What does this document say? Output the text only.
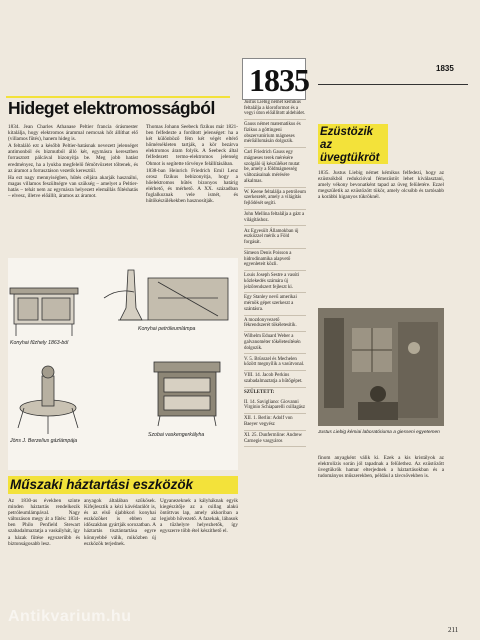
Hideget elektromosságból

1834. Jean Charles Athanase Peltier francia órásmester kitalálja, hogy elektromos árammal nemcsak hőt állíthat elő (villamos fűtés), hanem hideg is.

A feltaláló ezt a később Peltier-hatásnak nevezett jelenséget antimonból és bizmutból álló két, egymásra keresztben forrasztott pálcával bizonyítja be. Meg jobb hatást eredményez, ha a lyukba megfelelő fémötvözetet töltenek, és az áramot a forrasztáson vezetik keresztül.

Ha ezt nagy mennyiségben, hűtés céljára akarják használni, magas villamos feszültségre van szükség – amelyet a Peltier-hatás – tehát nem az egymásra helyezett elemállás fűtéshatás – elvesz, illetve előállít, áramos az áramot.

Thomas Johann Seebeck fizikus már 1821-ben felfedezte a fordított jelenséget: ha a két különböző fém két végét eltérő hőmérsékleten tartják, a kör bezárva elektromos áram folyik. A Seebeck által felfedezett termo-elektromos jelenség Ohmot is segítette törvénye felállításában.

1838-ban Heinrich Friedrich Emil Lenz orosz fizikus bebizonyítja, hogy a hőelektromos hűtés bizonyos határig elérhető, és mérhető. A XX. században foglalkoznak vele ismét, és hűtőkészülékekben hasznosítják.

Konyhai petróleumlámpa
Konyhai fűzhely 1863-ból
Szobai vaskengerkályha
Jöns J. Berzelius gázlámpája
Műszaki háztartási eszközök

Az 1830-as években szinte minden háztartás rendelkezik petróleumlámpával. Nagy változáson megy át a fűtés: 1834-ben Philo Penfield Stewart szabadalmaztatja a vaskályhát, így a házak fűtése egyszerűbb és biztonságosabb lesz.

anyagok általában szűkösek. Kifejlesztik a kézi kávédarálót is, és az első újabbkori konyhai eszközöket is ebben az időszakban gyártják sorozatban. A háztartás tisztántartása egyre könnyebbé válik, miközben új eszközök terjednek.

Ugyanezeknek a kályháknak egyik kiegészítője az a csillag alakú öntöttvas lap, amely akkoriban a legjobb hővezető. A fazekak, lábasok a tűzhelyre helyezhetők, így egyszerre több étel készíthető el.

1835

Justus Liebig német kémikus feltalálja a kloroformot és a vegyi úton előállított aldehidet.

Gauss német matematikus és fizikus a göttingeni obszervatórium mágneses mérőállomásán dolgozik.

Carl Friedrich Gauss egy mágneses terek mérésére szolgáló új készüléket mutat be, amely a földmágnesség változásainak mérésére alkalmas.

W. Keene feltalálja a petróleum szerkezetét, amely a világítás fejlődését segíti.

John Mellina feltalálja a gázt a világításhoz.

Az Egyesült Államokban új eszközzel mérik a Föld forgását.

Simeon Denis Poisson a hidrodinamika alapvető egyenleteit közli.

Louis Joseph Sestre a vasúti közlekedés számára új jelzőrendszert fejleszt ki.

Egy Stanley nevű amerikai mérnök gépet szerkeszt a szántásra.

A mozdonyvezető fékrendszerét tökéletesítik.

Wilhelm Eduard Weber a galvanométer tökéletesítésén dolgozik.

V. 5. Brüsszel és Mechelen között megnyílik a vasútvonal.

VIII. 14. Jacob Perkins szabadalmaztatja a hűtőgépet.

SZÜLETETT:

II. 14. Savigliano: Giovanni Virginio Schiaparelli csillagász

XII. 1. Berlin: Adolf von Baeyer vegyész

XI. 25. Dunfermline: Andrew Carnegie vasgyáros

1835
Ezüstözik az üvegtükröt

1835. Justus Liebig német kémikus felfedezi, hogy az ezüstsókból redukcióval fémezüstöt lehet kiválasztani, amely vékony bevonatként tapad az üveg felületére. Ezzel megszületik az ezüstözött tükör, amely olcsóbb és tartósabb a korábbi higanyos tükröknél.

Justus Liebig kémiai laboratóriuma a giesseni egyetemen

finom anyagként válik ki. Ezek a kis kristályok az elektrolízis során jól tapadnak a felülethez. Az ezüstözött üvegtükrök hamar elterjednek a háztartásokban és a tudományos műszerekben, például a távcsövekben is.

211
Antikvarium.hu
